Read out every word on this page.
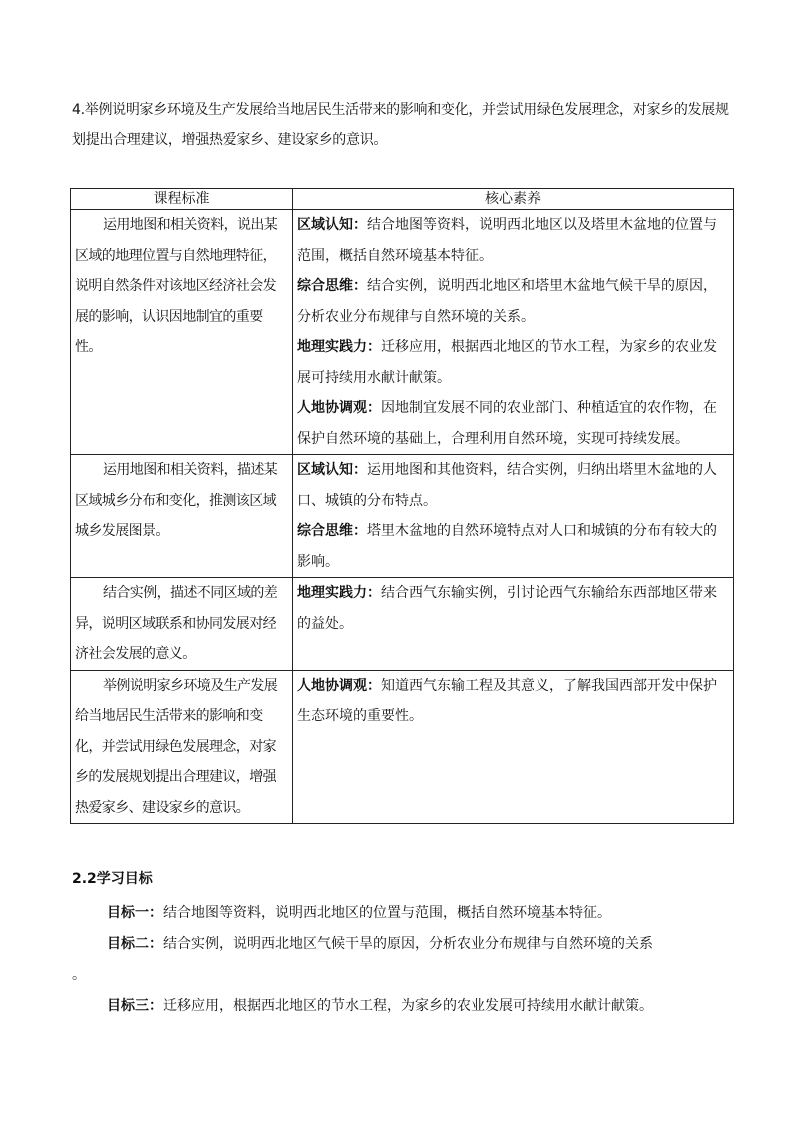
4.举例说明家乡环境及生产发展给当地居民生活带来的影响和变化，并尝试用绿色发展理念，对家乡的发展规划提出合理建议，增强热爱家乡、建设家乡的意识。
课程标准	核心素养

运用地图和相关资料，说出某区域的地理位置与自然地理特征，说明自然条件对该地区经济社会发展的影响，认识因地制宜的重要性。	区域认知：结合地图等资料，说明西北地区以及塔里木盆地的位置与范围，概括自然环境基本特征。

综合思维：结合实例，说明西北地区和塔里木盆地气候干旱的原因，分析农业分布规律与自然环境的关系。

地理实践力：迁移应用，根据西北地区的节水工程，为家乡的农业发展可持续用水献计献策。

人地协调观：因地制宜发展不同的农业部门、种植适宜的农作物，在保护自然环境的基础上，合理利用自然环境，实现可持续发展。

运用地图和相关资料，描述某区域城乡分布和变化，推测该区域城乡发展图景。	区域认知：运用地图和其他资料，结合实例，归纳出塔里木盆地的人口、城镇的分布特点。

综合思维：塔里木盆地的自然环境特点对人口和城镇的分布有较大的影响。

结合实例，描述不同区域的差异，说明区域联系和协同发展对经济社会发展的意义。	地理实践力：结合西气东输实例，引讨论西气东输给东西部地区带来的益处。

举例说明家乡环境及生产发展给当地居民生活带来的影响和变化，并尝试用绿色发展理念，对家乡的发展规划提出合理建议，增强热爱家乡、建设家乡的意识。	人地协调观：知道西气东输工程及其意义，了解我国西部开发中保护生态环境的重要性。

2.2学习目标

目标一：结合地图等资料，说明西北地区的位置与范围，概括自然环境基本特征。

目标二：结合实例，说明西北地区气候干旱的原因，分析农业分布规律与自然环境的关系

。

目标三：迁移应用，根据西北地区的节水工程，为家乡的农业发展可持续用水献计献策。
